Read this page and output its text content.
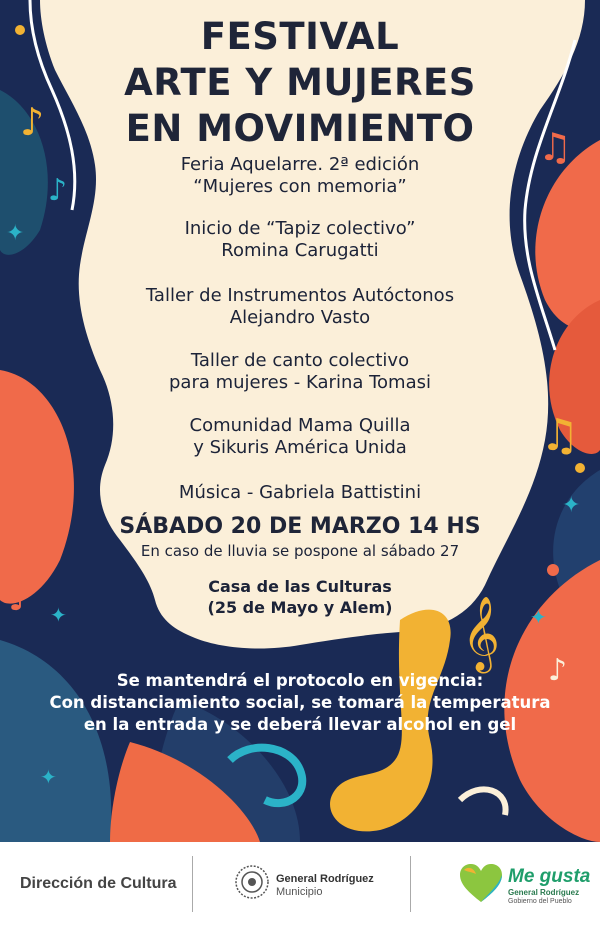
♪
♪
♫
♫
♪	𝄞 ♪
✦
✦
✦	✦
✦
FESTIVAL
ARTE Y MUJERES
EN MOVIMIENTO
Feria Aquelarre. 2ª edición
“Mujeres con memoria”
Inicio de “Tapiz colectivo”
Romina Carugatti
Taller de Instrumentos Autóctonos
Alejandro Vasto
Taller de canto colectivo
para mujeres - Karina Tomasi
Comunidad Mama Quilla
y Sikuris América Unida
Música - Gabriela Battistini
SÁBADO 20 DE MARZO 14 HS
En caso de lluvia se pospone al sábado 27
Casa de las Culturas
(25 de Mayo y Alem)
Se mantendrá el protocolo en vigencia:
Con distanciamiento social, se tomará la temperatura
en la entrada y se deberá llevar alcohol en gel
Dirección de Cultura	General Rodríguez
Municipio
Me gusta
General Rodríguez
Gobierno del Pueblo
